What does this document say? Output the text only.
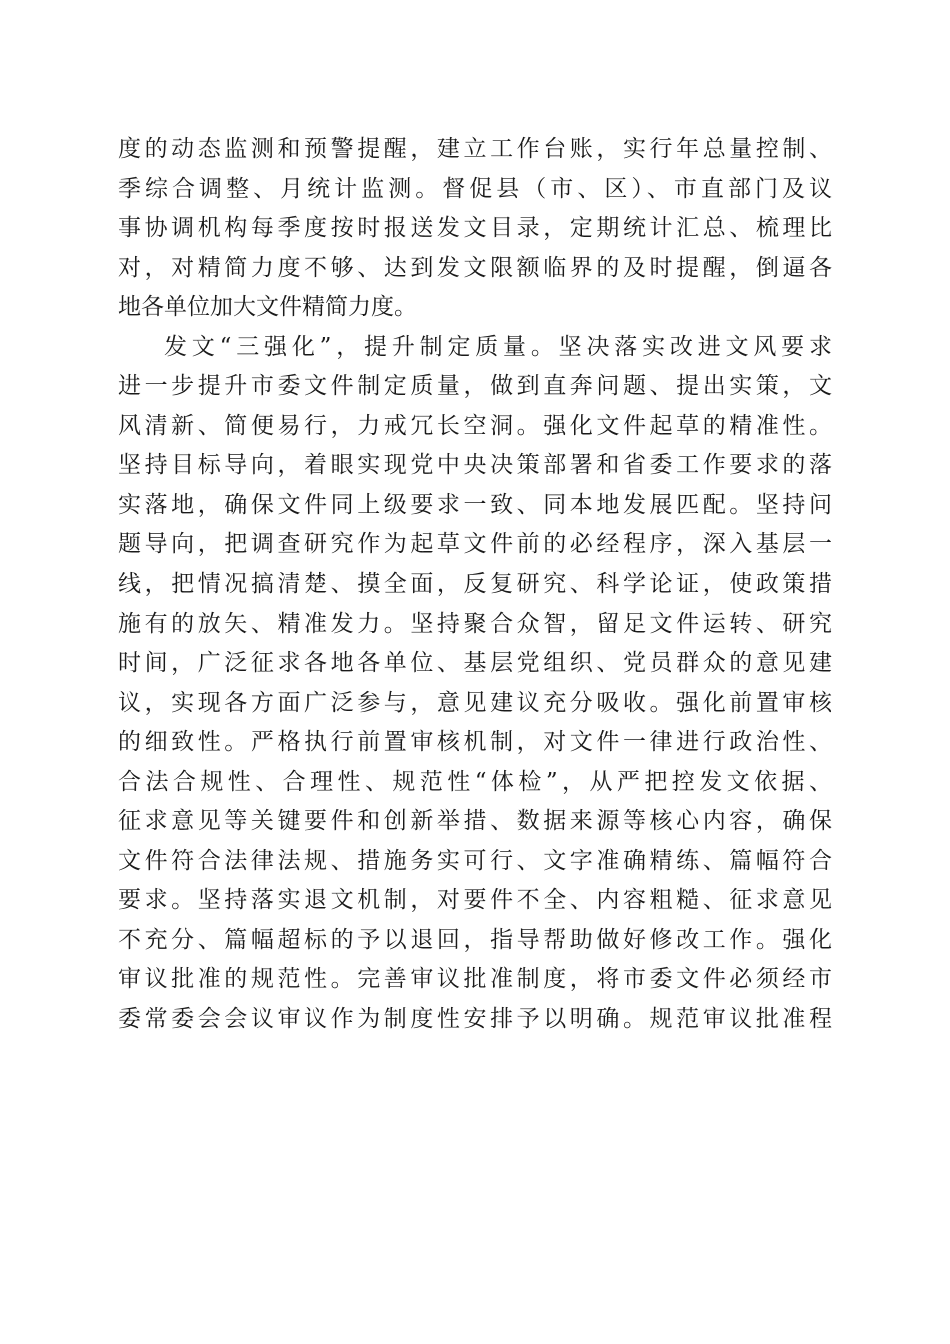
度的动态监测和预警提醒，建立工作台账，实行年总量控制、
季综合调整、月统计监测。督促县（市、区）、市直部门及议
事协调机构每季度按时报送发文目录，定期统计汇总、梳理比
对，对精简力度不够、达到发文限额临界的及时提醒，倒逼各
地各单位加大文件精简力度。
发文“三强化”，提升制定质量。坚决落实改进文风要求
进一步提升市委文件制定质量，做到直奔问题、提出实策，文
风清新、简便易行，力戒冗长空洞。强化文件起草的精准性。
坚持目标导向，着眼实现党中央决策部署和省委工作要求的落
实落地，确保文件同上级要求一致、同本地发展匹配。坚持问
题导向，把调查研究作为起草文件前的必经程序，深入基层一
线，把情况搞清楚、摸全面，反复研究、科学论证，使政策措
施有的放矢、精准发力。坚持聚合众智，留足文件运转、研究
时间，广泛征求各地各单位、基层党组织、党员群众的意见建
议，实现各方面广泛参与，意见建议充分吸收。强化前置审核
的细致性。严格执行前置审核机制，对文件一律进行政治性、
合法合规性、合理性、规范性“体检”，从严把控发文依据、
征求意见等关键要件和创新举措、数据来源等核心内容，确保
文件符合法律法规、措施务实可行、文字准确精练、篇幅符合
要求。坚持落实退文机制，对要件不全、内容粗糙、征求意见
不充分、篇幅超标的予以退回，指导帮助做好修改工作。强化
审议批准的规范性。完善审议批准制度，将市委文件必须经市
委常委会会议审议作为制度性安排予以明确。规范审议批准程
